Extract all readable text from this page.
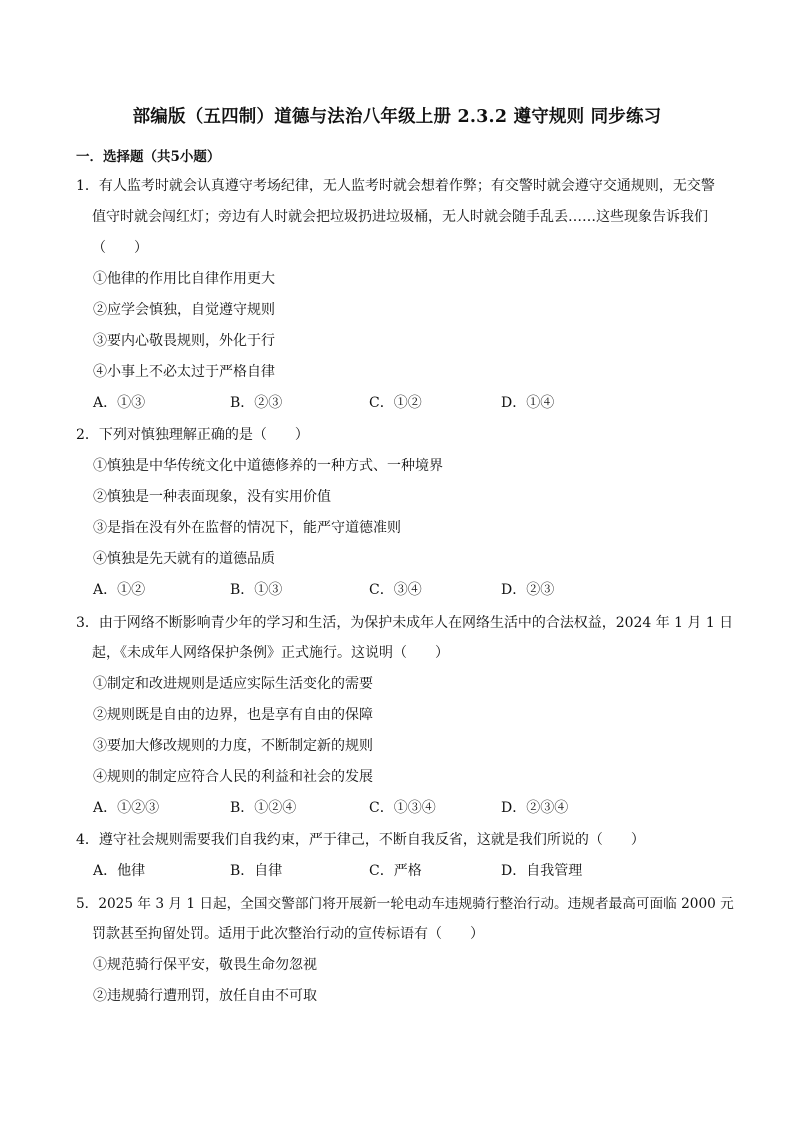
部编版（五四制）道德与法治八年级上册 2.3.2 遵守规则 同步练习
一．选择题（共5小题）
1．有人监考时就会认真遵守考场纪律，无人监考时就会想着作弊；有交警时就会遵守交通规则，无交警
值守时就会闯红灯；旁边有人时就会把垃圾扔进垃圾桶，无人时就会随手乱丢……这些现象告诉我们
（　　）
①他律的作用比自律作用更大
②应学会慎独，自觉遵守规则
③要内心敬畏规则，外化于行
④小事上不必太过于严格自律
A．①③	B．②③	C．①②	D．①④
2．下列对慎独理解正确的是（　　）
①慎独是中华传统文化中道德修养的一种方式、一种境界
②慎独是一种表面现象，没有实用价值
③是指在没有外在监督的情况下，能严守道德准则
④慎独是先天就有的道德品质
A．①②	B．①③	C．③④	D．②③
3．由于网络不断影响青少年的学习和生活，为保护未成年人在网络生活中的合法权益，2024 年 1 月 1 日
起，《未成年人网络保护条例》正式施行。这说明（　　）
①制定和改进规则是适应实际生活变化的需要
②规则既是自由的边界，也是享有自由的保障
③要加大修改规则的力度，不断制定新的规则
④规则的制定应符合人民的利益和社会的发展
A．①②③	B．①②④	C．①③④	D．②③④
4．遵守社会规则需要我们自我约束，严于律己，不断自我反省，这就是我们所说的（　　）
A．他律	B．自律	C．严格	D．自我管理
5．2025 年 3 月 1 日起，全国交警部门将开展新一轮电动车违规骑行整治行动。违规者最高可面临 2000 元
罚款甚至拘留处罚。适用于此次整治行动的宣传标语有（　　）
①规范骑行保平安，敬畏生命勿忽视
②违规骑行遭刑罚，放任自由不可取
